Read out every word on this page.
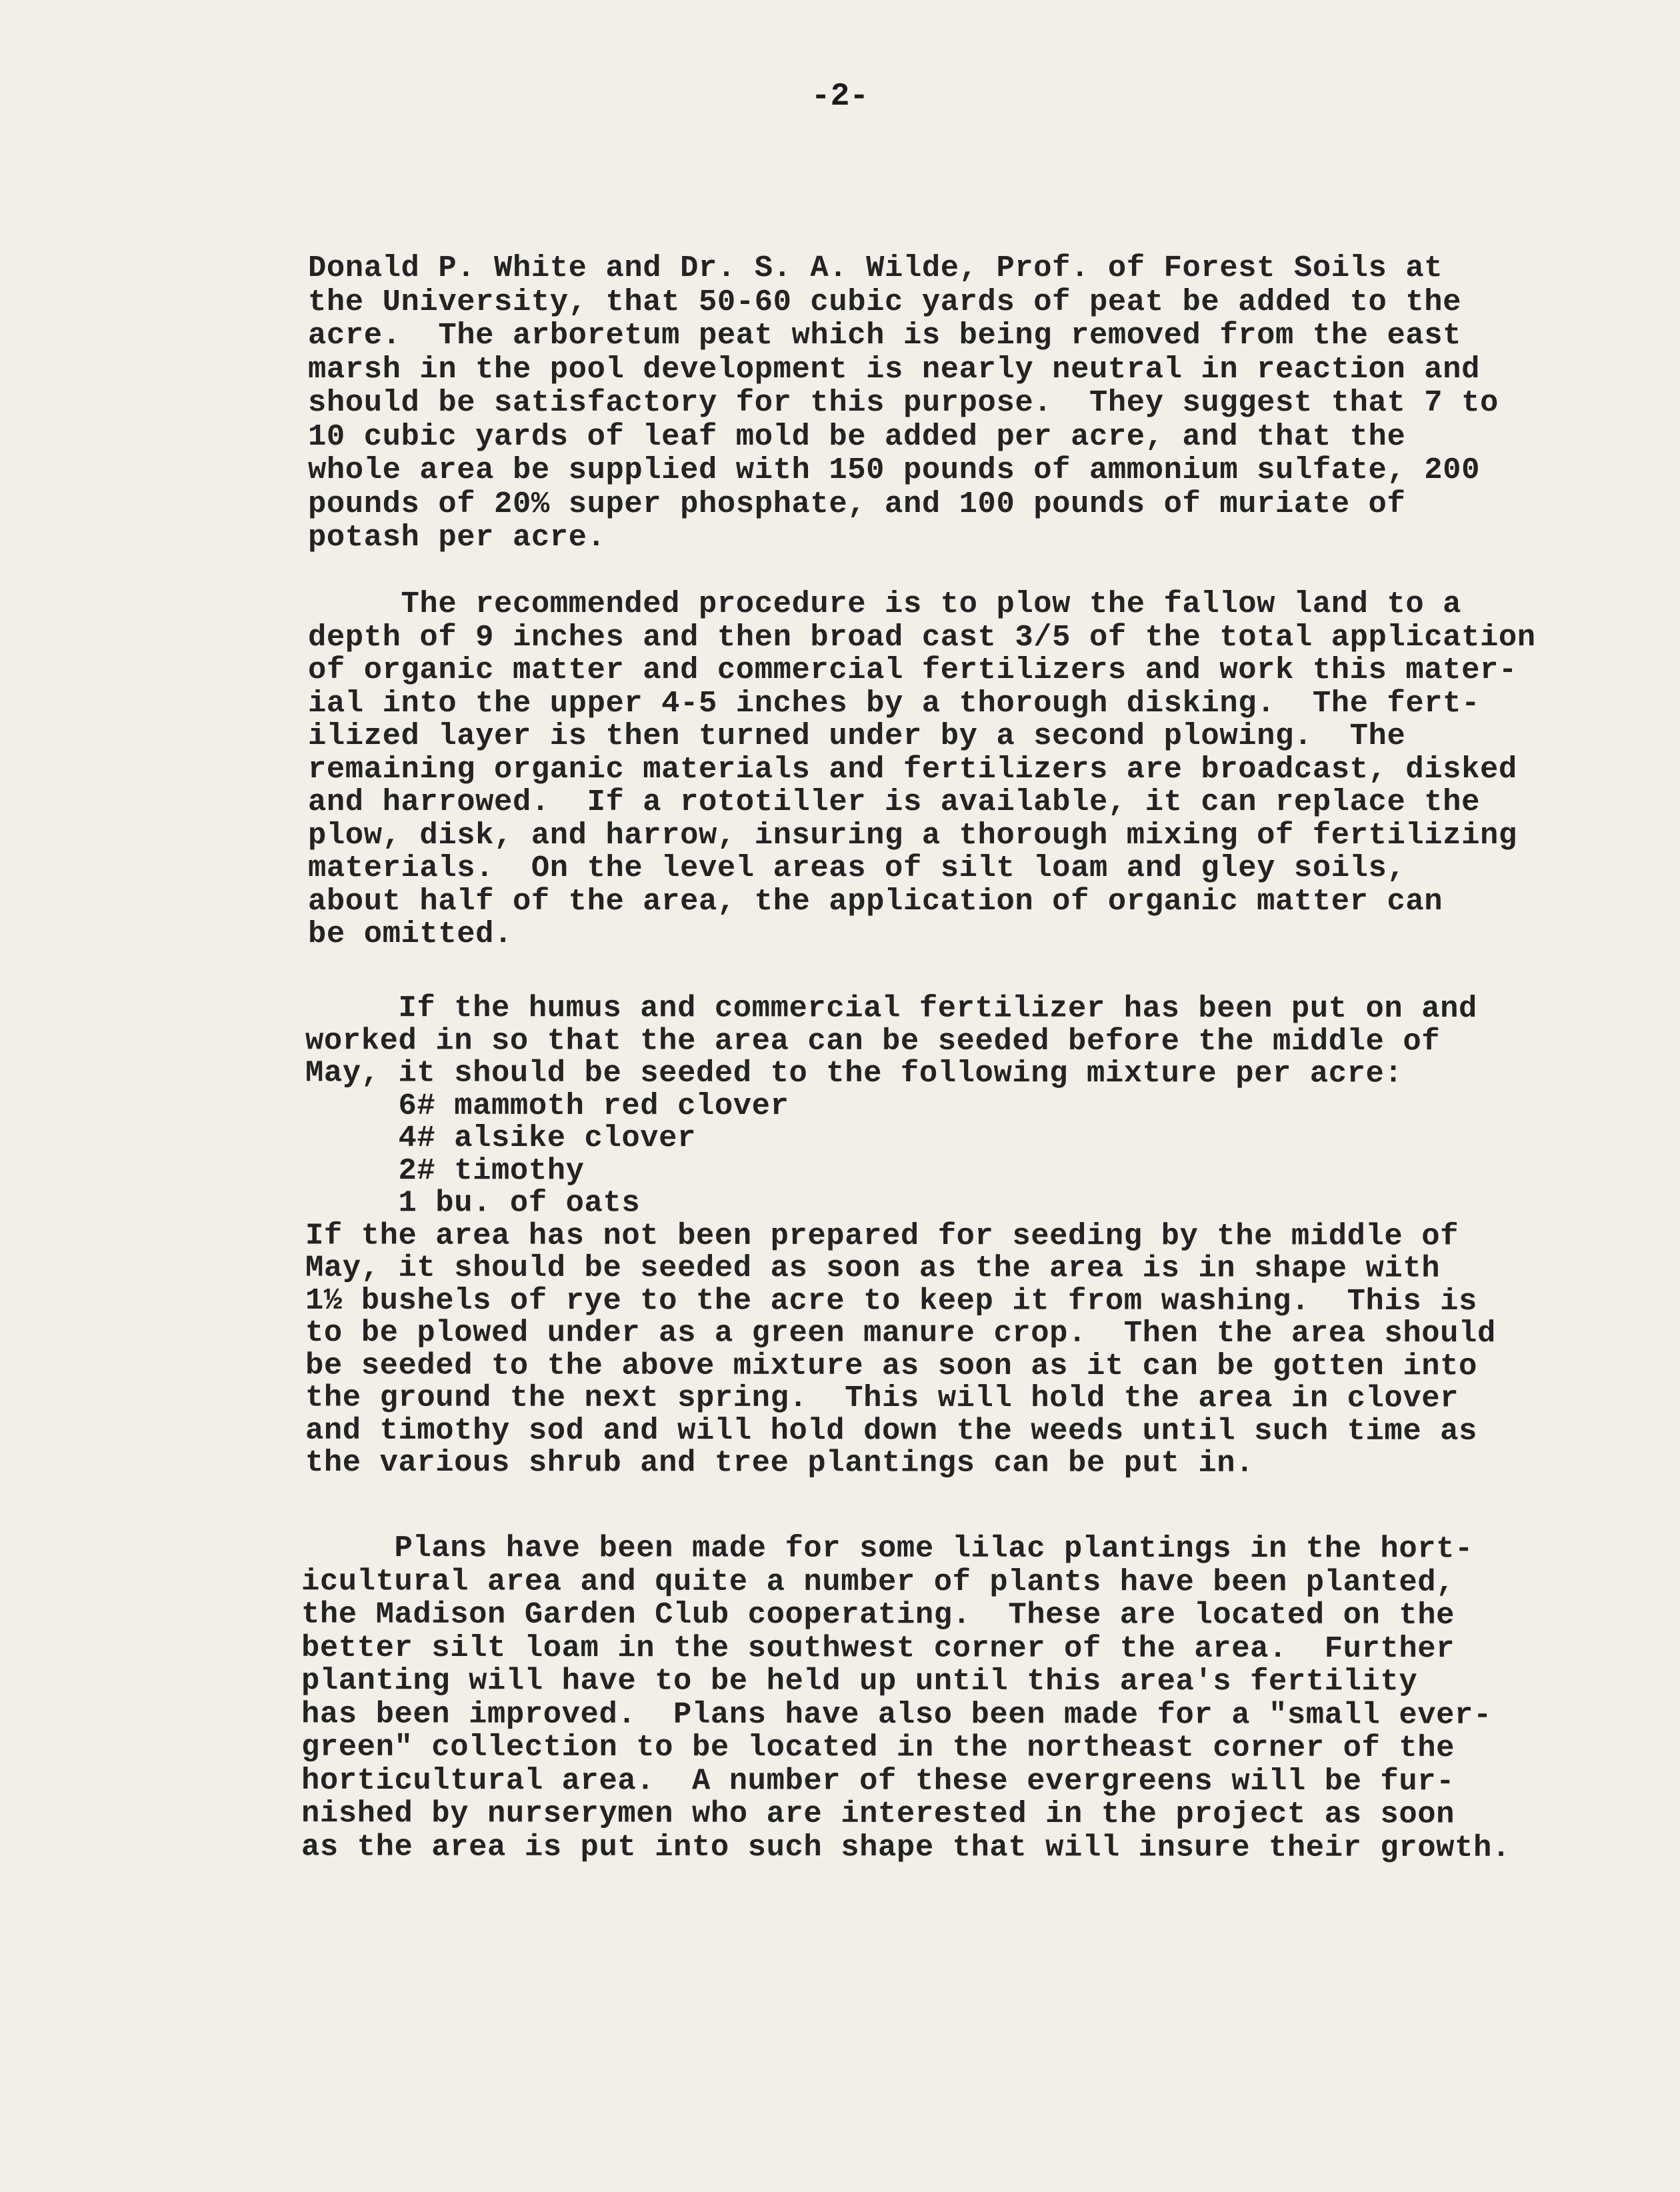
-2-
Donald P. White and Dr. S. A. Wilde, Prof. of Forest Soils at
the University, that 50-60 cubic yards of peat be added to the
acre.  The arboretum peat which is being removed from the east
marsh in the pool development is nearly neutral in reaction and
should be satisfactory for this purpose.  They suggest that 7 to
10 cubic yards of leaf mold be added per acre, and that the
whole area be supplied with 150 pounds of ammonium sulfate, 200
pounds of 20% super phosphate, and 100 pounds of muriate of
potash per acre.
The recommended procedure is to plow the fallow land to a
depth of 9 inches and then broad cast 3/5 of the total application
of organic matter and commercial fertilizers and work this mater-
ial into the upper 4-5 inches by a thorough disking.  The fert-
ilized layer is then turned under by a second plowing.  The
remaining organic materials and fertilizers are broadcast, disked
and harrowed.  If a rototiller is available, it can replace the
plow, disk, and harrow, insuring a thorough mixing of fertilizing
materials.  On the level areas of silt loam and gley soils,
about half of the area, the application of organic matter can
be omitted.
If the humus and commercial fertilizer has been put on and
worked in so that the area can be seeded before the middle of
May, it should be seeded to the following mixture per acre:
6# mammoth red clover
4# alsike clover
2# timothy
1 bu. of oats
If the area has not been prepared for seeding by the middle of
May, it should be seeded as soon as the area is in shape with
1½ bushels of rye to the acre to keep it from washing.  This is
to be plowed under as a green manure crop.  Then the area should
be seeded to the above mixture as soon as it can be gotten into
the ground the next spring.  This will hold the area in clover
and timothy sod and will hold down the weeds until such time as
the various shrub and tree plantings can be put in.
Plans have been made for some lilac plantings in the hort-
icultural area and quite a number of plants have been planted,
the Madison Garden Club cooperating.  These are located on the
better silt loam in the southwest corner of the area.  Further
planting will have to be held up until this area's fertility
has been improved.  Plans have also been made for a "small ever-
green" collection to be located in the northeast corner of the
horticultural area.  A number of these evergreens will be fur-
nished by nurserymen who are interested in the project as soon
as the area is put into such shape that will insure their growth.
